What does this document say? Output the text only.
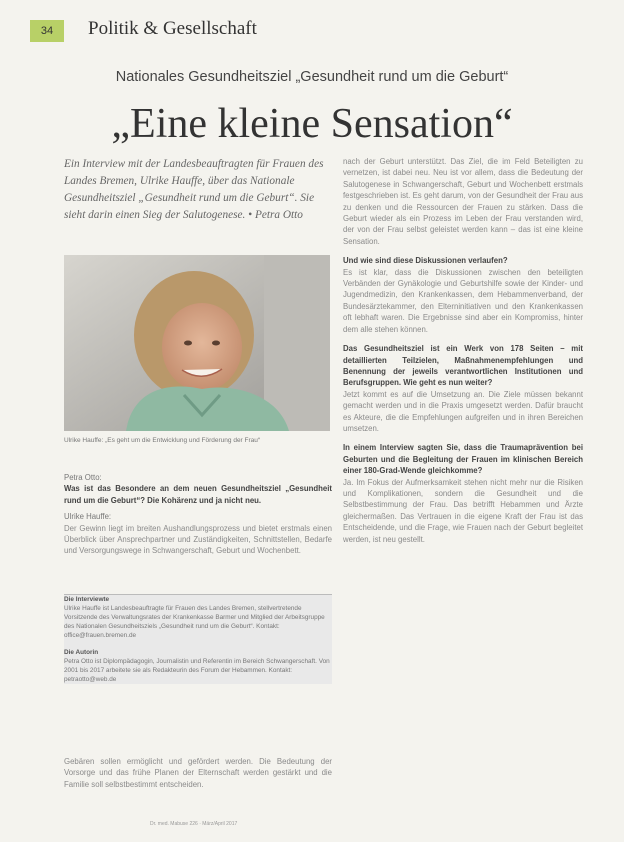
34	Politik & Gesellschaft
Nationales Gesundheitsziel „Gesundheit rund um die Geburt“
„Eine kleine Sensation“
Ein Interview mit der Landesbeauftragten für Frauen des Landes Bremen, Ulrike Hauffe, über das Nationale Gesundheitsziel „Gesundheit rund um die Geburt“. Sie sieht darin einen Sieg der Salutogenese. • Petra Otto
Ulrike Hauffe: „Es geht um die Entwicklung und Förderung der Frau“
Petra Otto:
Was ist das Besondere an dem neuen Gesundheitsziel „Gesundheit rund um die Geburt“? Die Kohärenz und ja nicht neu.
Ulrike Hauffe:
Der Gewinn liegt im breiten Aushandlungsprozess und bietet erstmals einen Überblick über Ansprechpartner und Zuständigkeiten, Schnittstellen, Bedarfe und Versorgungswege in Schwangerschaft, Geburt und Wochenbett.
Die Interviewte
Ulrike Hauffe ist Landesbeauftragte für Frauen des Landes Bremen, stellvertretende Vorsitzende des Verwaltungsrates der Krankenkasse Barmer und Mitglied der Arbeitsgruppe des Nationalen Gesundheitsziels „Gesundheit rund um die Geburt“. Kontakt: office@frauen.bremen.de
Die Autorin
Petra Otto ist Diplompädagogin, Journalistin und Referentin im Bereich Schwangerschaft. Von 2001 bis 2017 arbeitete sie als Redakteurin des Forum der Hebammen. Kontakt: petraotto@web.de
Gebären sollen ermöglicht und gefördert werden. Die Bedeutung der Vorsorge und das frühe Planen der Elternschaft werden gestärkt und die Familie soll selbstbestimmt entscheiden.
nach der Geburt unterstützt. Das Ziel, die im Feld Beteiligten zu vernetzen, ist dabei neu. Neu ist vor allem, dass die Bedeutung der Salutogenese in Schwangerschaft, Geburt und Wochenbett erstmals festgeschrieben ist. Es geht darum, von der Gesundheit der Frau aus zu denken und die Ressourcen der Frauen zu stärken. Dass die Geburt wieder als ein Prozess im Leben der Frau verstanden wird, der von der Frau selbst geleistet werden kann – das ist eine kleine Sensation.
Und wie sind diese Diskussionen verlaufen?
Es ist klar, dass die Diskussionen zwischen den beteiligten Verbänden der Gynäkologie und Geburtshilfe sowie der Kinder- und Jugendmedizin, den Krankenkassen, dem Hebammenverband, der Bundesärztekammer, den Elterninitiativen und den Krankenkassen oft lebhaft waren. Die Ergebnisse sind aber ein Kompromiss, hinter dem alle stehen können.
Das Gesundheitsziel ist ein Werk von 178 Seiten – mit detaillierten Teilzielen, Maßnahmenempfehlungen und Benennung der jeweils verantwortlichen Institutionen und Berufsgruppen. Wie geht es nun weiter?
Jetzt kommt es auf die Umsetzung an. Die Ziele müssen bekannt gemacht werden und in die Praxis umgesetzt werden. Dafür braucht es Akteure, die die Empfehlungen aufgreifen und in ihren Bereichen umsetzen.
In einem Interview sagten Sie, dass die Traumaprävention bei Geburten und die Begleitung der Frauen im klinischen Bereich einer 180-Grad-Wende gleichkomme?
Ja. Im Fokus der Aufmerksamkeit stehen nicht mehr nur die Risiken und Komplikationen, sondern die Gesundheit und die Selbstbestimmung der Frau. Das betrifft Hebammen und Ärzte gleichermaßen. Das Vertrauen in die eigene Kraft der Frau ist das Entscheidende, und die Frage, wie Frauen nach der Geburt begleitet werden, ist neu gestellt.
Dr. med. Mabuse 226 · März/April 2017
